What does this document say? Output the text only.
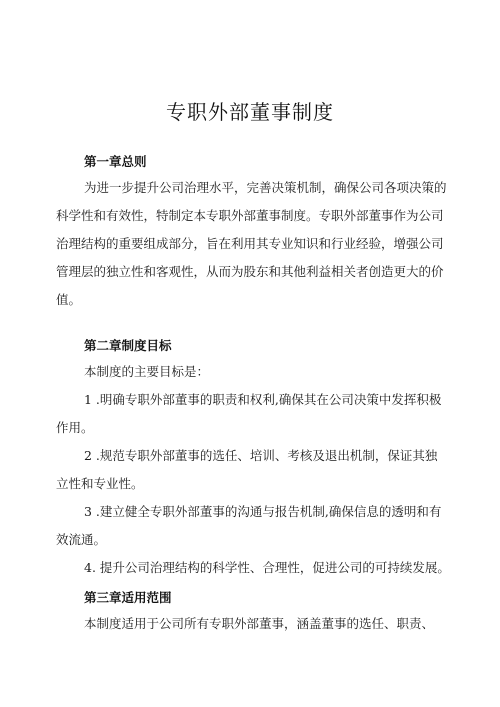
专职外部董事制度
第一章总则
为进一步提升公司治理水平，完善决策机制，确保公司各项决策的
科学性和有效性，特制定本专职外部董事制度。专职外部董事作为公司
治理结构的重要组成部分，旨在利用其专业知识和行业经验，增强公司
管理层的独立性和客观性，从而为股东和其他利益相关者创造更大的价
值。
第二章制度目标
本制度的主要目标是：
1 .明确专职外部董事的职责和权利,确保其在公司决策中发挥积极
作用。
2 .规范专职外部董事的选任、培训、考核及退出机制，保证其独
立性和专业性。
3 .建立健全专职外部董事的沟通与报告机制,确保信息的透明和有
效流通。
4. 提升公司治理结构的科学性、合理性，促进公司的可持续发展。
第三章适用范围
本制度适用于公司所有专职外部董事，涵盖董事的选任、职责、
